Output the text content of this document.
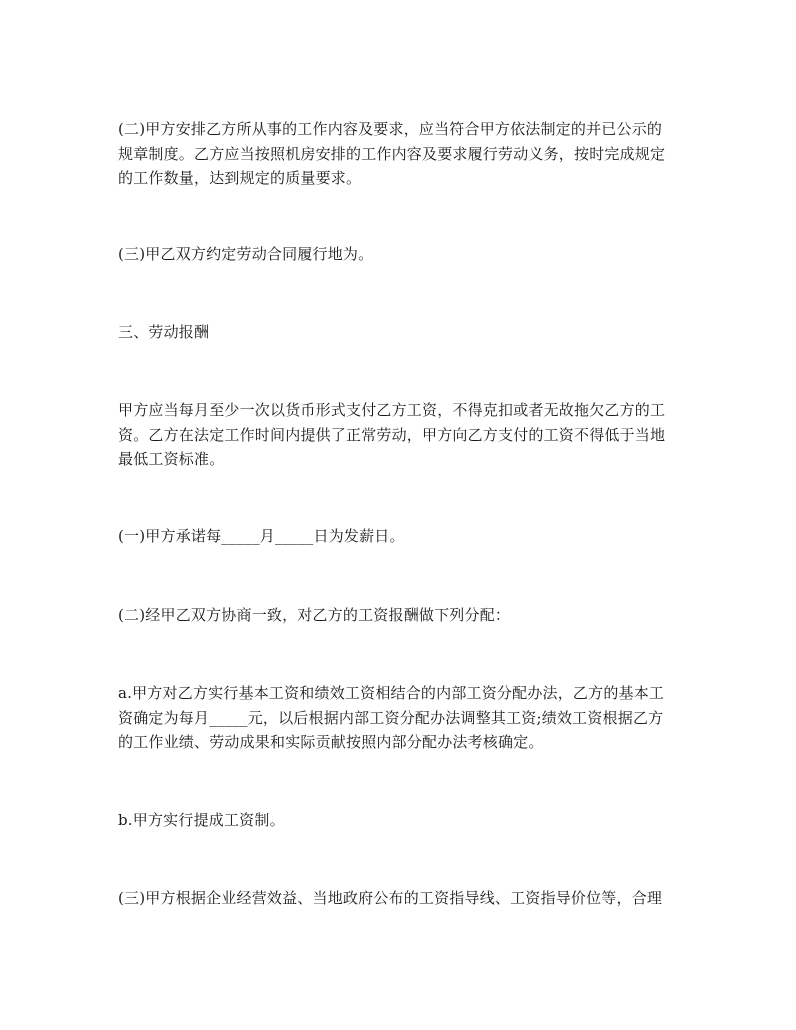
(二)甲方安排乙方所从事的工作内容及要求，应当符合甲方依法制定的并已公示的
规章制度。乙方应当按照机房安排的工作内容及要求履行劳动义务，按时完成规定
的工作数量，达到规定的质量要求。

(三)甲乙双方约定劳动合同履行地为。

三、劳动报酬

甲方应当每月至少一次以货币形式支付乙方工资，不得克扣或者无故拖欠乙方的工
资。乙方在法定工作时间内提供了正常劳动，甲方向乙方支付的工资不得低于当地
最低工资标准。

(一)甲方承诺每_____月_____日为发薪日。

(二)经甲乙双方协商一致，对乙方的工资报酬做下列分配：

a.甲方对乙方实行基本工资和绩效工资相结合的内部工资分配办法，乙方的基本工
资确定为每月_____元，以后根据内部工资分配办法调整其工资;绩效工资根据乙方
的工作业绩、劳动成果和实际贡献按照内部分配办法考核确定。

b.甲方实行提成工资制。

(三)甲方根据企业经营效益、当地政府公布的工资指导线、工资指导价位等，合理
